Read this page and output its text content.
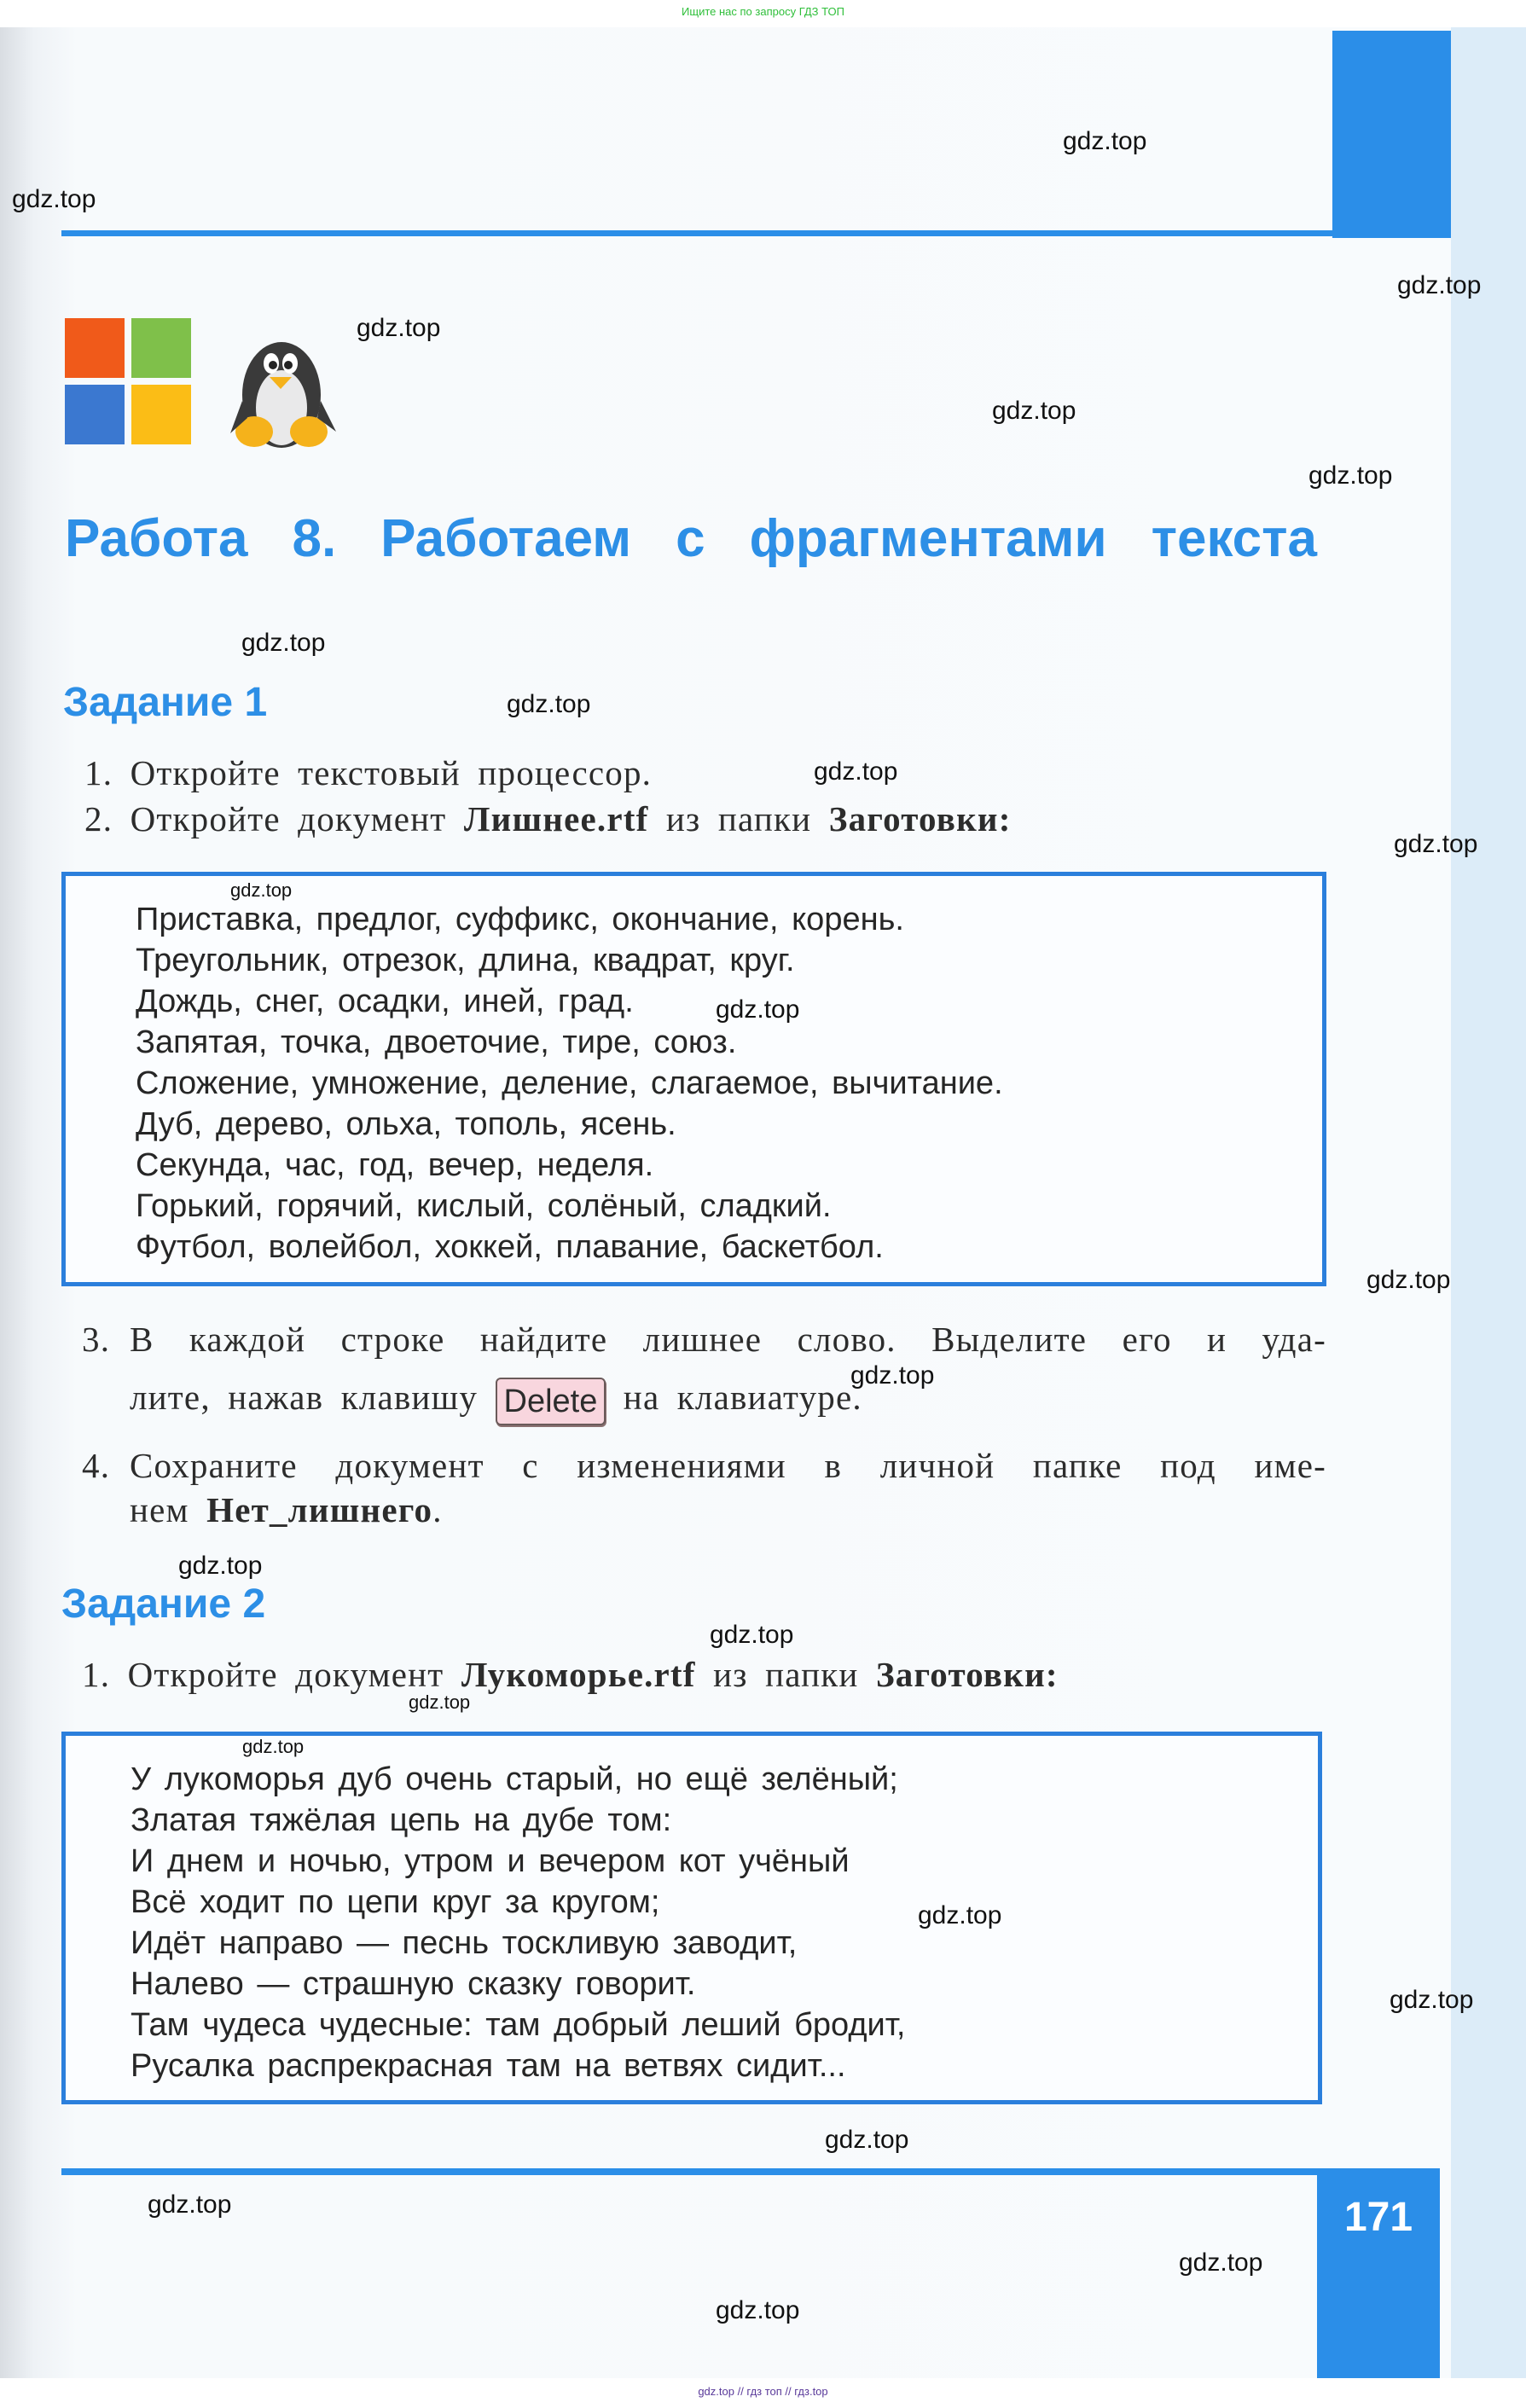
Ищите нас по запросу ГДЗ ТОП
Работа 8. Работаем с фрагментами текста
Задание 1
1. Откройте текстовый процессор.
2. Откройте документ Лишнее.rtf из папки Заготовки:
Приставка, предлог, суффикс, окончание, корень.
Треугольник, отрезок, длина, квадрат, круг.
Дождь, снег, осадки, иней, град.
Запятая, точка, двоеточие, тире, союз.
Сложение, умножение, деление, слагаемое, вычитание.
Дуб, дерево, ольха, тополь, ясень.
Секунда, час, год, вечер, неделя.
Горький, горячий, кислый, солёный, сладкий.
Футбол, волейбол, хоккей, плавание, баскетбол.
В каждой строке найдите лишнее слово. Выделите его и уда-
лите, нажав клавишу Delete на клавиатуре.
4. Сохраните документ с изменениями в личной папке под име-
нем Нет_лишнего.
Задание 2
1. Откройте документ Лукоморье.rtf из папки Заготовки:
У лукоморья дуб очень старый, но ещё зелёный;
Златая тяжёлая цепь на дубе том:
И днем и ночью, утром и вечером кот учёный
Всё ходит по цепи круг за кругом;
Идёт направо — песнь тоскливую заводит,
Налево — страшную сказку говорит.
Там чудеса чудесные: там добрый леший бродит,
Русалка распрекрасная там на ветвях сидит...
171
gdz.top
gdz.top
gdz.top
gdz.top
gdz.top
gdz.top
gdz.top
gdz.top
gdz.top
gdz.top
gdz.top
gdz.top
gdz.top
gdz.top
gdz.top
gdz.top
gdz.top
gdz.top
gdz.top
gdz.top
gdz.top
gdz.top
gdz.top
gdz.top
gdz.top // гдз топ // гдз.top
